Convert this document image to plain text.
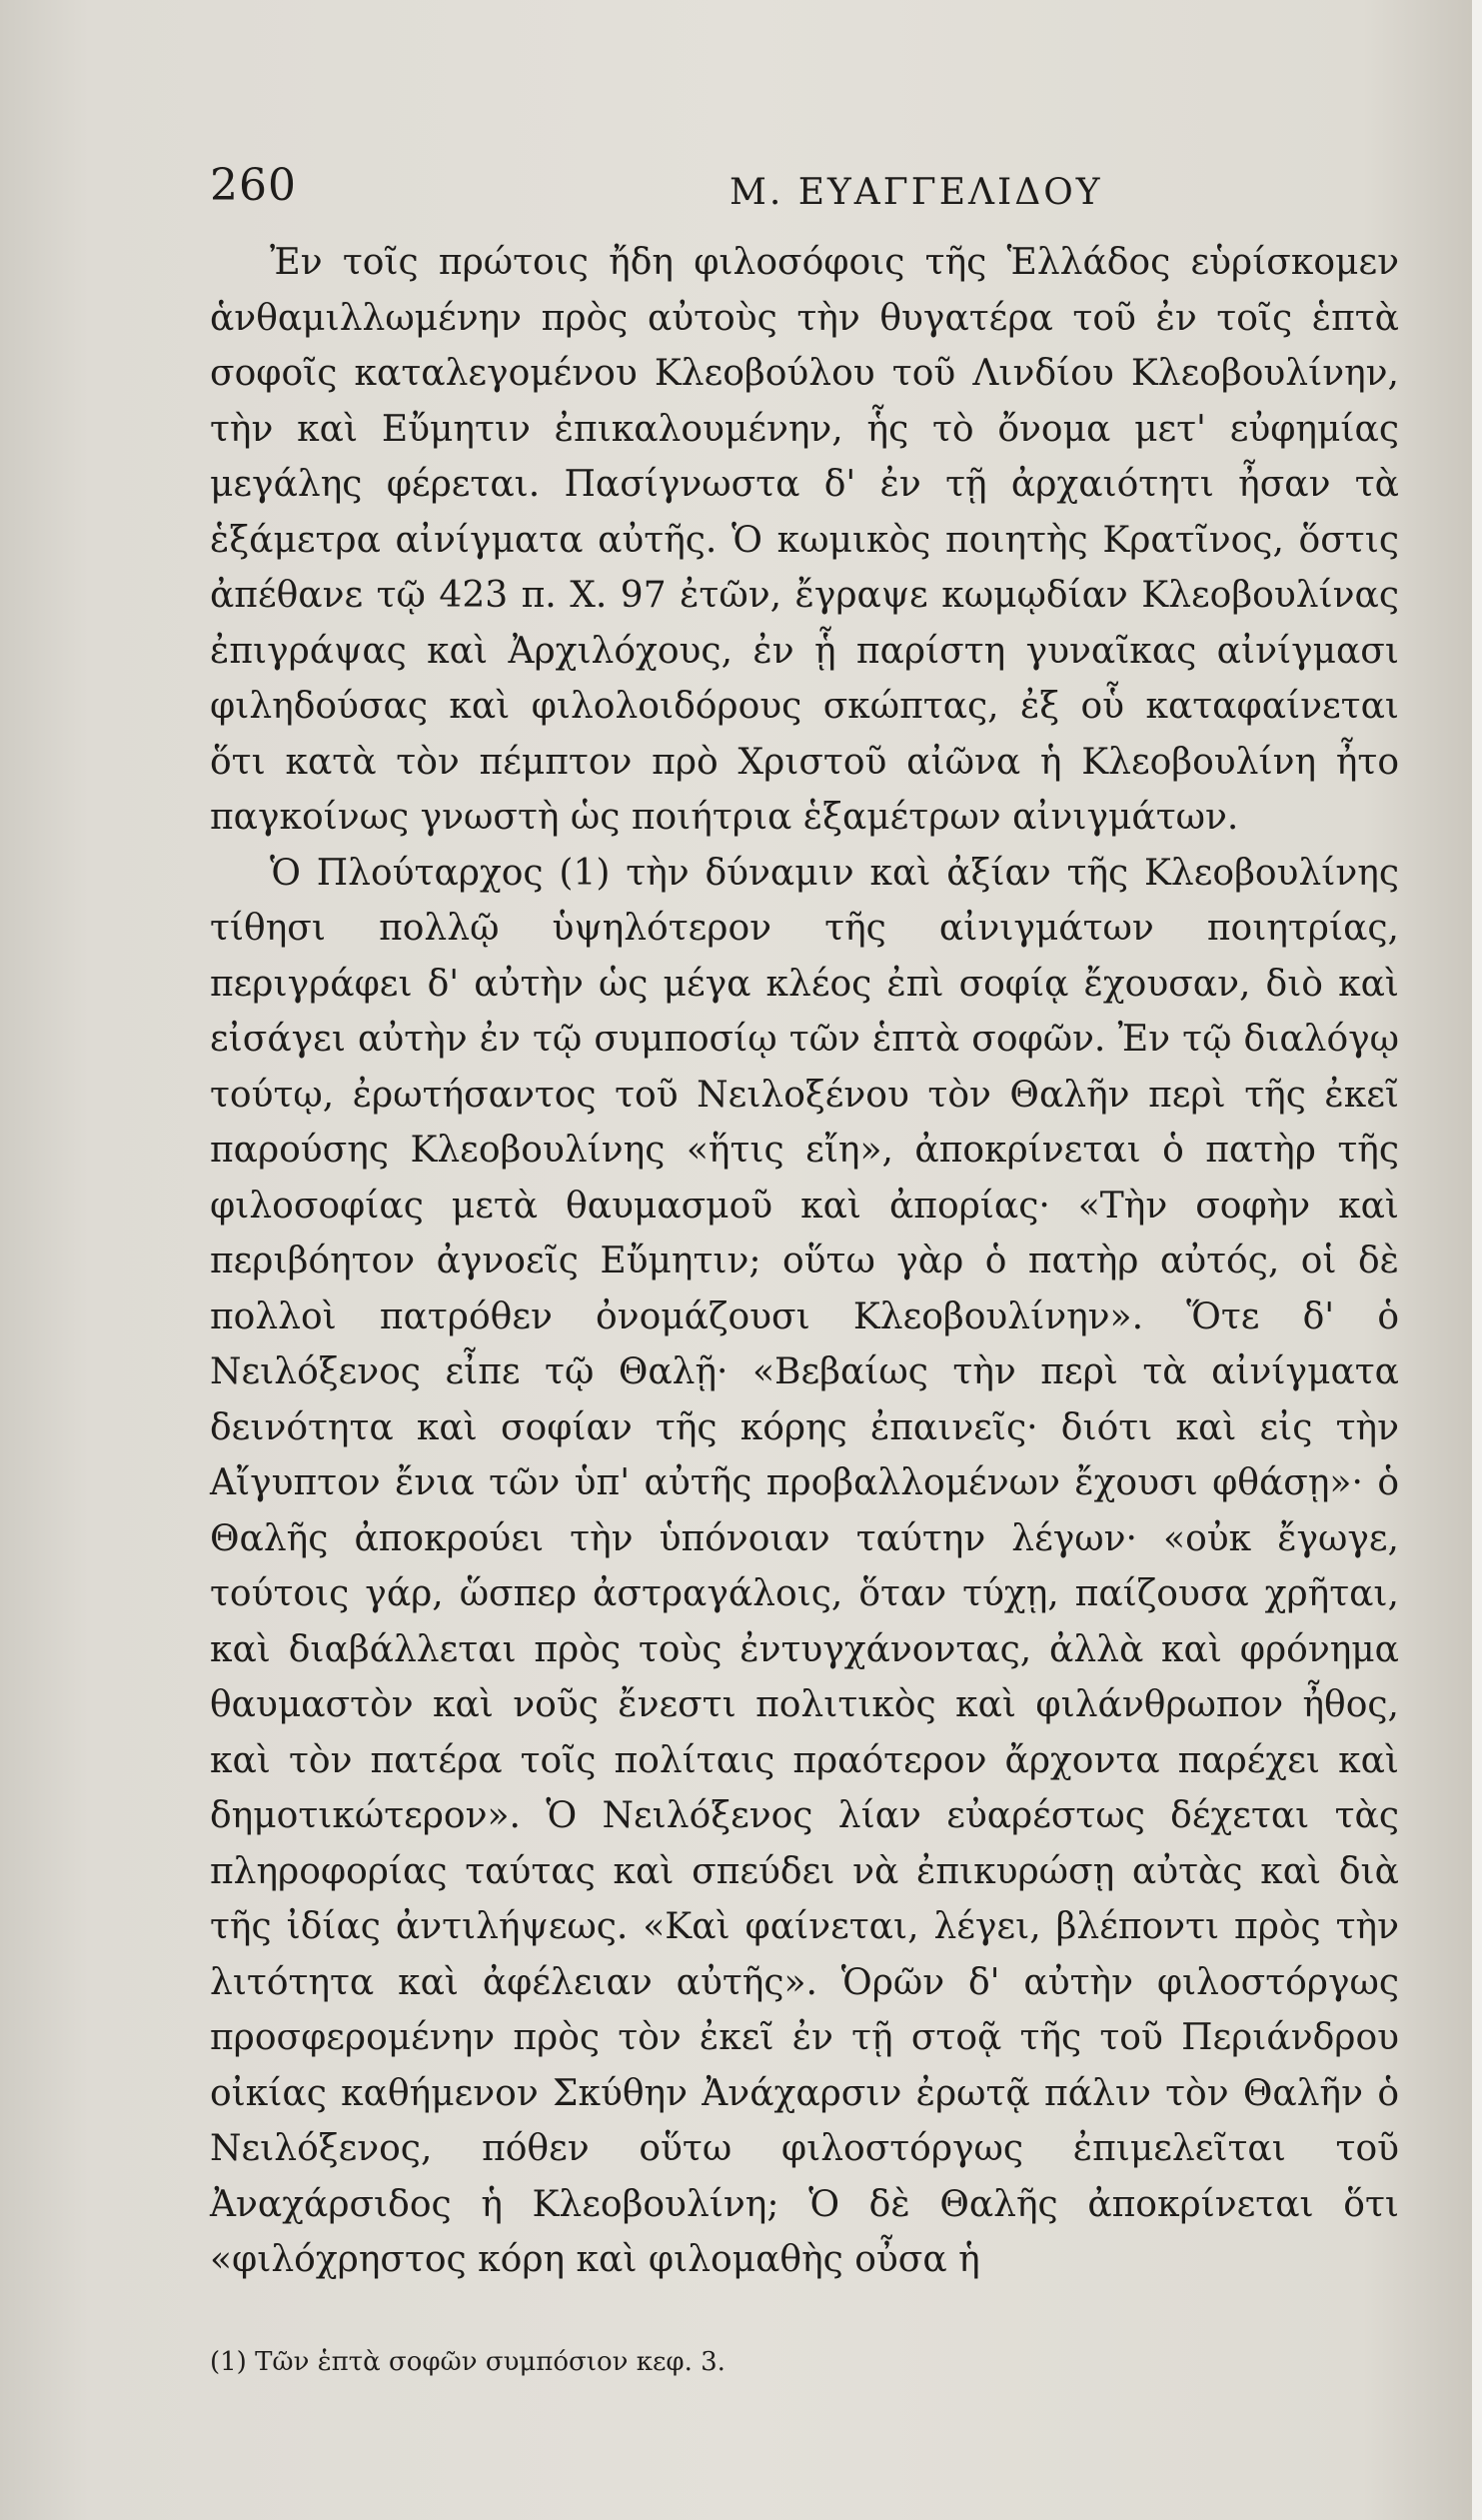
260	Μ. ΕΥΑΓΓΕΛΙΔΟΥ

Ἐν τοῖς πρώτοις ἤδη φιλοσόφοις τῆς Ἑλλάδος εὑρίσκομεν ἁνθαμιλλωμένην πρὸς αὐτοὺς τὴν θυγατέρα τοῦ ἐν τοῖς ἑπτὰ σοφοῖς καταλεγομένου Κλεοβούλου τοῦ Λινδίου Κλεοβουλίνην, τὴν καὶ Εὔμητιν ἐπικαλουμένην, ἧς τὸ ὄνομα μετ' εὐφημίας μεγάλης φέρεται. Πασίγνωστα δ' ἐν τῇ ἀρχαιότητι ἦσαν τὰ ἑξάμετρα αἰνίγματα αὐτῆς. Ὁ κωμικὸς ποιητὴς Κρατῖνος, ὅστις ἀπέθανε τῷ 423 π. Χ. 97 ἐτῶν, ἔγραψε κωμῳδίαν Κλεοβουλίνας ἐπιγράψας καὶ Ἀρχιλόχους, ἐν ᾗ παρίστη γυναῖκας αἰνίγμασι φιληδούσας καὶ φιλολοιδόρους σκώπτας, ἐξ οὗ καταφαίνεται ὅτι κατὰ τὸν πέμπτον πρὸ Χριστοῦ αἰῶνα ἡ Κλεοβουλίνη ἦτο παγκοίνως γνωστὴ ὡς ποιήτρια ἑξαμέτρων αἰνιγμάτων.

Ὁ Πλούταρχος (1) τὴν δύναμιν καὶ ἀξίαν τῆς Κλεοβουλίνης τίθησι πολλῷ ὑψηλότερον τῆς αἰνιγμάτων ποιητρίας, περιγράφει δ' αὐτὴν ὡς μέγα κλέος ἐπὶ σοφίᾳ ἔχουσαν, διὸ καὶ εἰσάγει αὐτὴν ἐν τῷ συμποσίῳ τῶν ἑπτὰ σοφῶν. Ἐν τῷ διαλόγῳ τούτῳ, ἐρωτήσαντος τοῦ Νειλοξένου τὸν Θαλῆν περὶ τῆς ἐκεῖ παρούσης Κλεοβουλίνης «ἥτις εἴη», ἀποκρίνεται ὁ πατὴρ τῆς φιλοσοφίας μετὰ θαυμασμοῦ καὶ ἀπορίας· «Τὴν σοφὴν καὶ περιβόητον ἀγνοεῖς Εὔμητιν; οὕτω γὰρ ὁ πατὴρ αὐτός, οἱ δὲ πολλοὶ πατρόθεν ὀνομάζουσι Κλεοβουλίνην». Ὅτε δ' ὁ Νειλόξενος εἶπε τῷ Θαλῇ· «Βεβαίως τὴν περὶ τὰ αἰνίγματα δεινότητα καὶ σοφίαν τῆς κόρης ἐπαινεῖς· διότι καὶ εἰς τὴν Αἴγυπτον ἔνια τῶν ὑπ' αὐτῆς προβαλλομένων ἔχουσι φθάσῃ»· ὁ Θαλῆς ἀποκρούει τὴν ὑπόνοιαν ταύτην λέγων· «οὐκ ἔγωγε, τούτοις γάρ, ὥσπερ ἀστραγάλοις, ὅταν τύχῃ, παίζουσα χρῆται, καὶ διαβάλλεται πρὸς τοὺς ἐντυγχάνοντας, ἀλλὰ καὶ φρόνημα θαυμαστὸν καὶ νοῦς ἔνεστι πολιτικὸς καὶ φιλάνθρωπον ἦθος, καὶ τὸν πατέρα τοῖς πολίταις πραότερον ἄρχοντα παρέχει καὶ δημοτικώτερον». Ὁ Νειλόξενος λίαν εὐαρέστως δέχεται τὰς πληροφορίας ταύτας καὶ σπεύδει νὰ ἐπικυρώσῃ αὐτὰς καὶ διὰ τῆς ἰδίας ἀντιλήψεως. «Καὶ φαίνεται, λέγει, βλέποντι πρὸς τὴν λιτότητα καὶ ἀφέλειαν αὐτῆς». Ὁρῶν δ' αὐτὴν φιλοστόργως προσφερομένην πρὸς τὸν ἐκεῖ ἐν τῇ στοᾷ τῆς τοῦ Περιάνδρου οἰκίας καθήμενον Σκύθην Ἀνάχαρσιν ἐρωτᾷ πάλιν τὸν Θαλῆν ὁ Νειλόξενος, πόθεν οὕτω φιλοστόργως ἐπιμελεῖται τοῦ Ἀναχάρσιδος ἡ Κλεοβουλίνη; Ὁ δὲ Θαλῆς ἀποκρίνεται ὅτι «φιλόχρηστος κόρη καὶ φιλομαθὴς οὖσα ἡ

(1) Τῶν ἑπτὰ σοφῶν συμπόσιον κεφ. 3.
